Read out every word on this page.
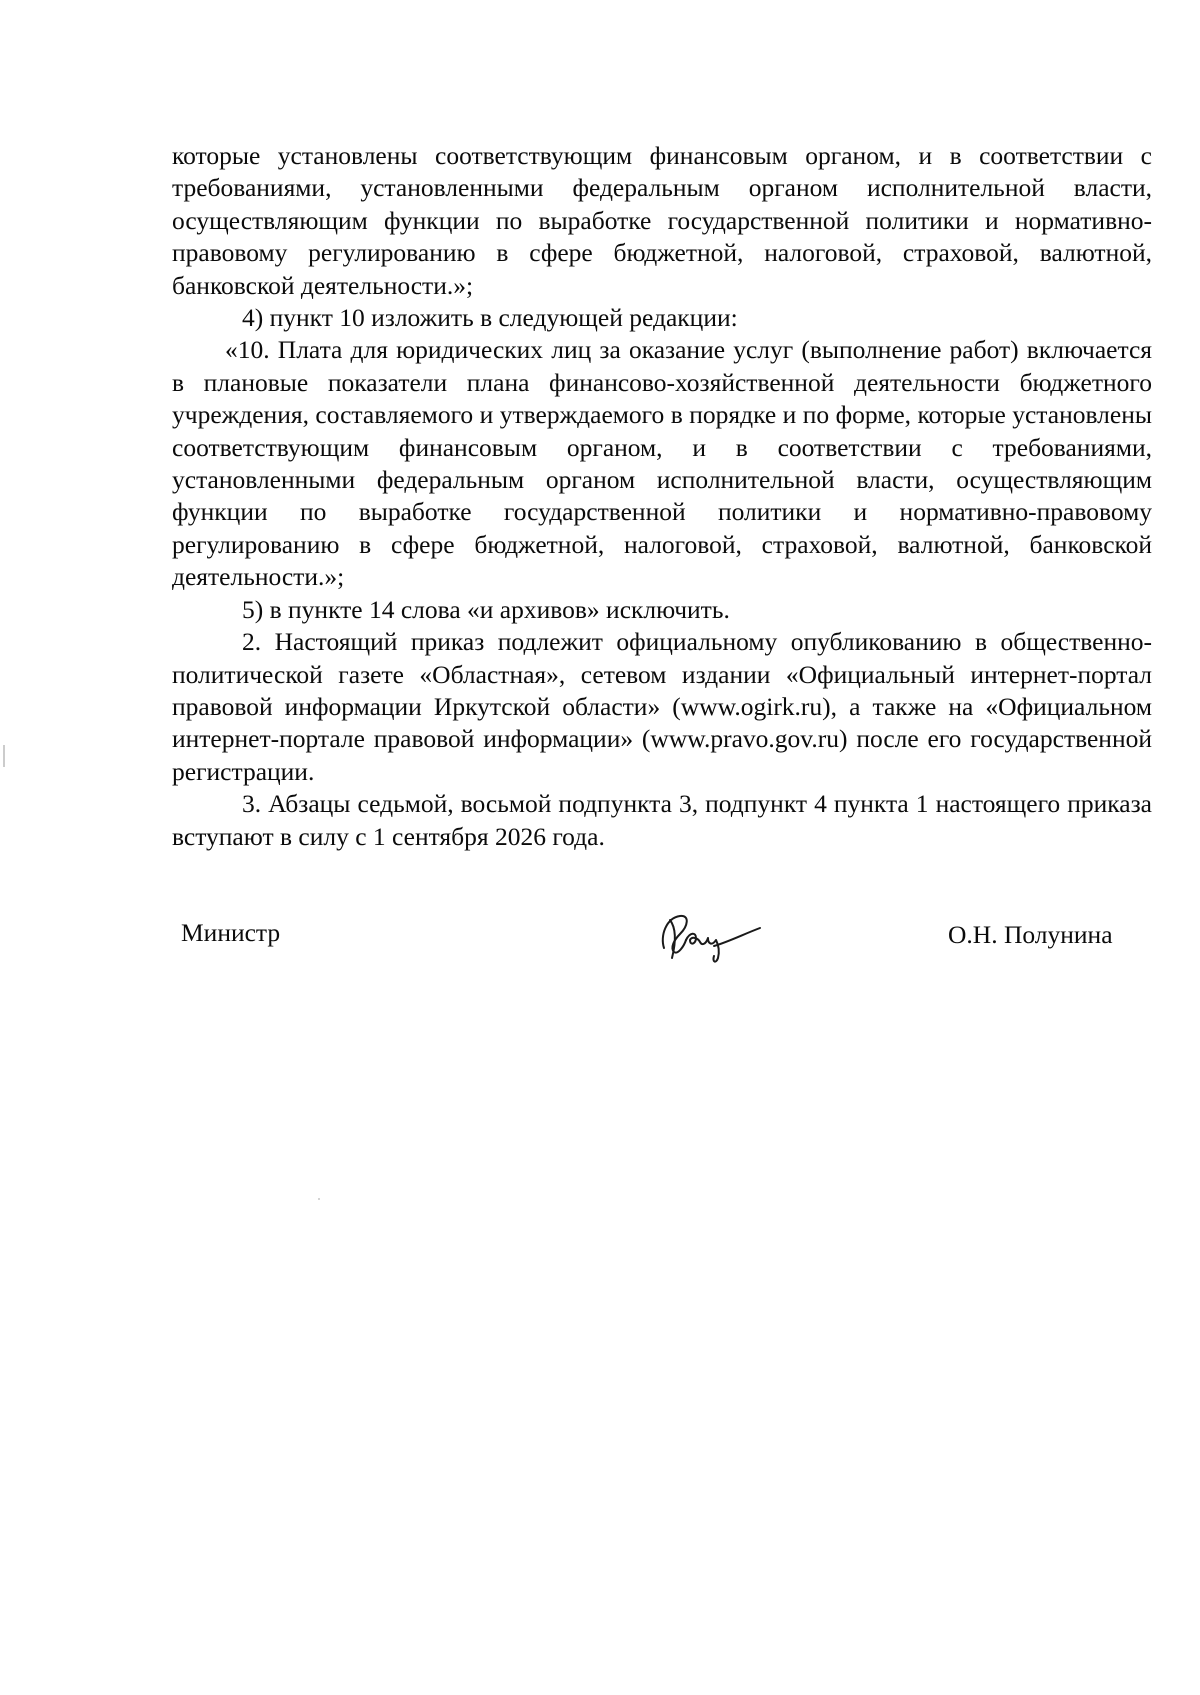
которые установлены соответствующим финансовым органом, и в соответствии с требованиями, установленными федеральным органом исполнительной власти, осуществляющим функции по выработке государственной политики и нормативно-правовому регулированию в сфере бюджетной, налоговой, страховой, валютной, банковской деятельности.»;

4) пункт 10 изложить в следующей редакции:

«10. Плата для юридических лиц за оказание услуг (выполнение работ) включается в плановые показатели плана финансово-хозяйственной деятельности бюджетного учреждения, составляемого и утверждаемого в порядке и по форме, которые установлены соответствующим финансовым органом, и в соответствии с требованиями, установленными федеральным органом исполнительной власти, осуществляющим функции по выработке государственной политики и нормативно-правовому регулированию в сфере бюджетной, налоговой, страховой, валютной, банковской деятельности.»;

5) в пункте 14 слова «и архивов» исключить.

2. Настоящий приказ подлежит официальному опубликованию в общественно-политической газете «Областная», сетевом издании «Официальный интернет-портал правовой информации Иркутской области» (www.ogirk.ru), а также на «Официальном интернет-портале правовой информации» (www.pravo.gov.ru) после его государственной регистрации.

3. Абзацы седьмой, восьмой подпункта 3, подпункт 4 пункта 1 настоящего приказа вступают в силу с 1 сентября 2026 года.

Министр	О.Н. Полунина
